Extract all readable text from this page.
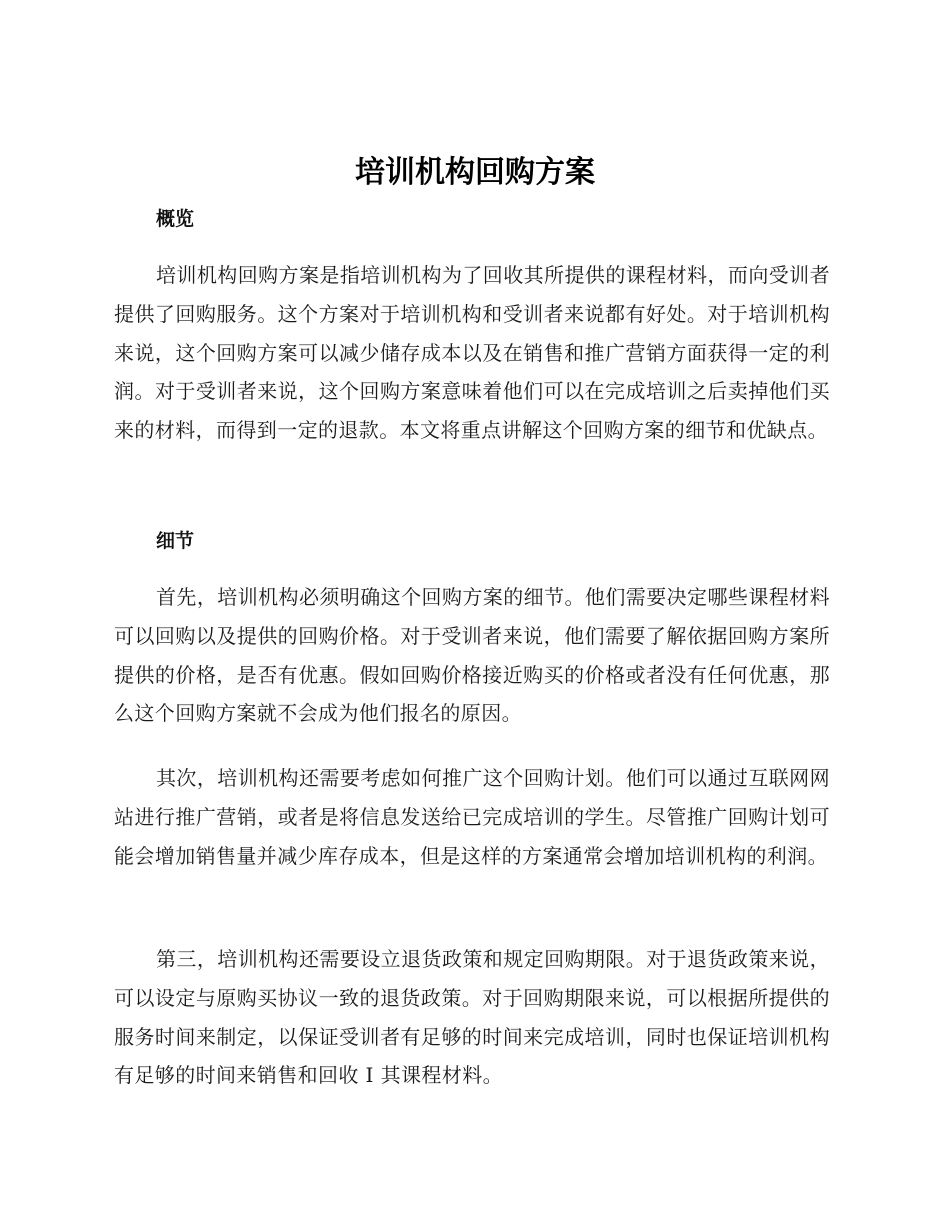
培训机构回购方案
概览

培训机构回购方案是指培训机构为了回收其所提供的课程材料，而向受训者提供了回购服务。这个方案对于培训机构和受训者来说都有好处。对于培训机构来说，这个回购方案可以减少储存成本以及在销售和推广营销方面获得一定的利润。对于受训者来说，这个回购方案意味着他们可以在完成培训之后卖掉他们买来的材料，而得到一定的退款。本文将重点讲解这个回购方案的细节和优缺点。

细节

首先，培训机构必须明确这个回购方案的细节。他们需要决定哪些课程材料可以回购以及提供的回购价格。对于受训者来说，他们需要了解依据回购方案所提供的价格，是否有优惠。假如回购价格接近购买的价格或者没有任何优惠，那么这个回购方案就不会成为他们报名的原因。

其次，培训机构还需要考虑如何推广这个回购计划。他们可以通过互联网网站进行推广营销，或者是将信息发送给已完成培训的学生。尽管推广回购计划可能会增加销售量并减少库存成本，但是这样的方案通常会增加培训机构的利润。

第三，培训机构还需要设立退货政策和规定回购期限。对于退货政策来说，可以设定与原购买协议一致的退货政策。对于回购期限来说，可以根据所提供的服务时间来制定，以保证受训者有足够的时间来完成培训，同时也保证培训机构有足够的时间来销售和回收 I 其课程材料。
